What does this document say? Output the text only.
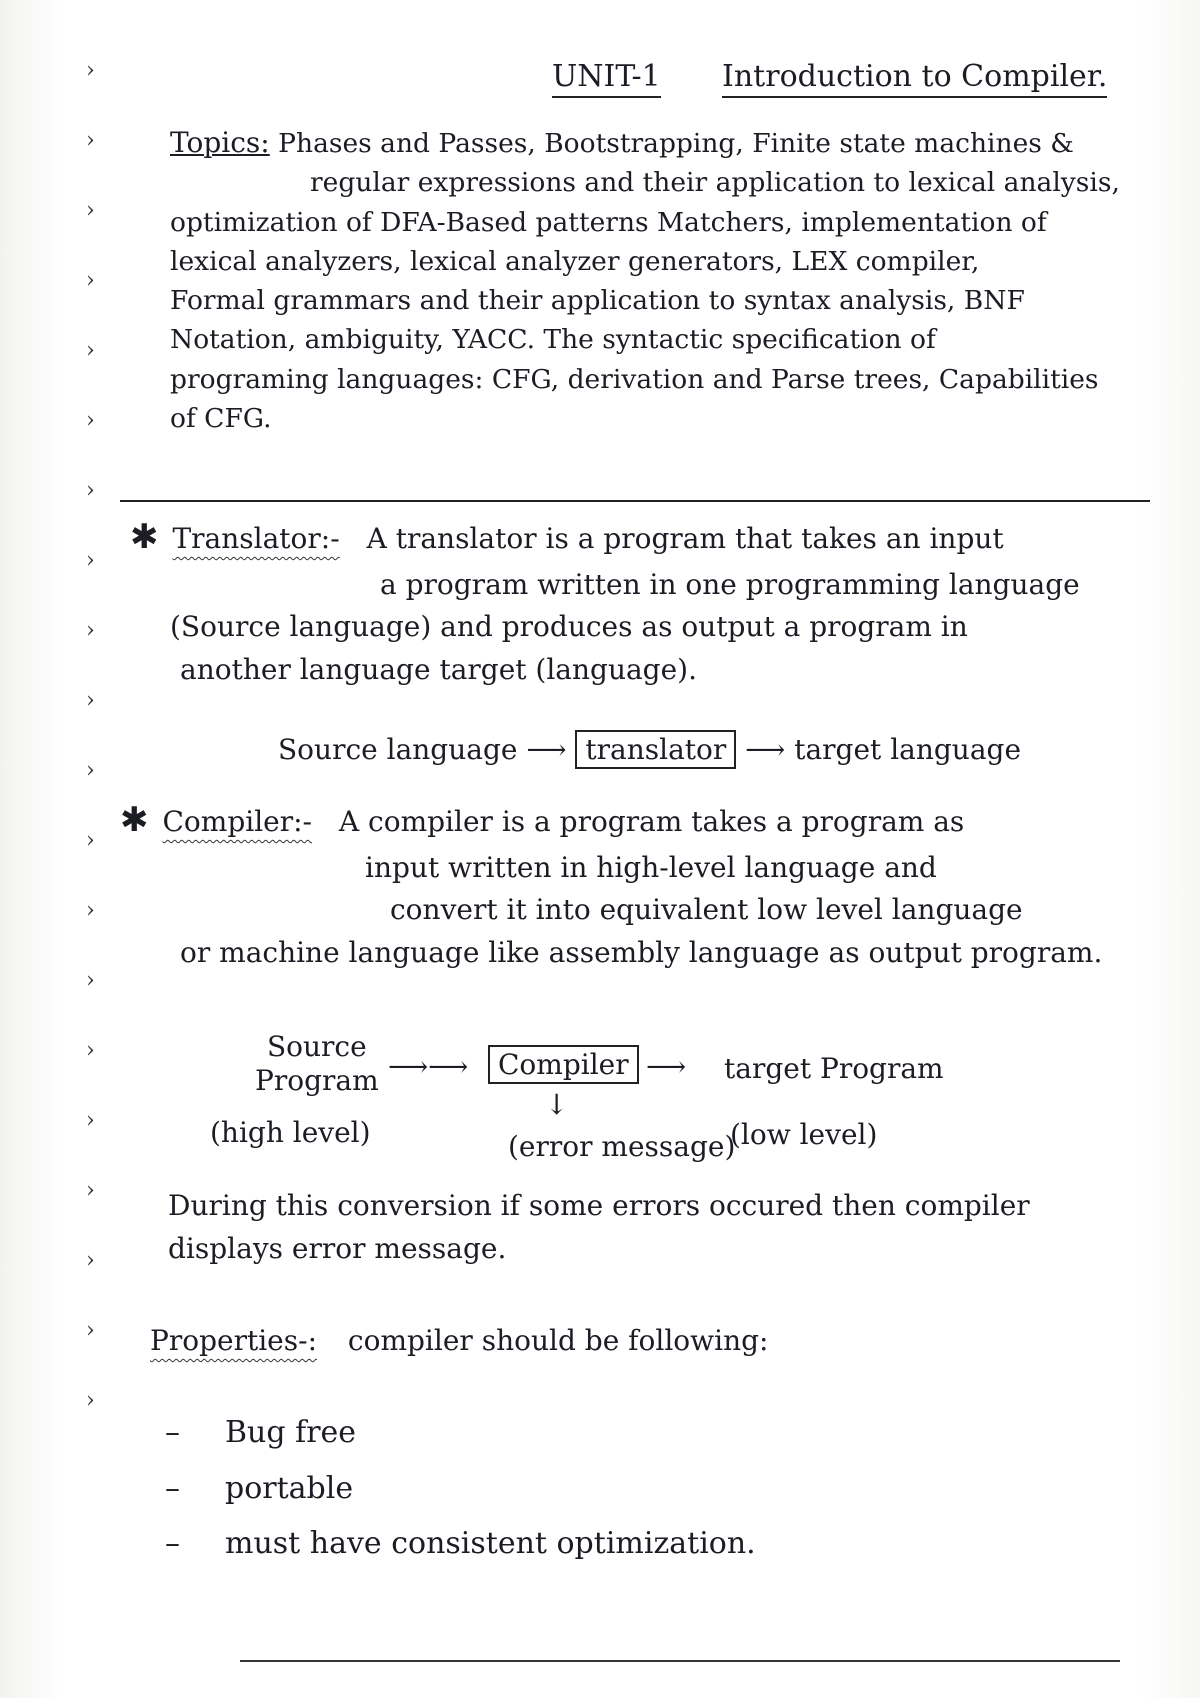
›
›
›
›
›
›
›
›
›
›
›
›
›
›
›
›
›
›
›
›
UNIT-1 Introduction to Compiler.
Topics: Phases and Passes, Bootstrapping, Finite state machines &
regular expressions and their application to lexical analysis,
optimization of DFA-Based patterns Matchers, implementation of
lexical analyzers, lexical analyzer generators, LEX compiler,
Formal grammars and their application to syntax analysis, BNF
Notation, ambiguity, YACC. The syntactic specification of
programing languages: CFG, derivation and Parse trees, Capabilities
of CFG.
✱ Translator:- A translator is a program that takes an input
a program written in one programming language
(Source language) and produces as output a program in
another language target (language).
Source language ⟶ translator ⟶ target language
✱ Compiler:- A compiler is a program takes a program as
input written in high-level language and
convert it into equivalent low level language
or machine language like assembly language as output program.
Source
Program ⟶⟶	Compiler ⟶ target Program
↓
(high level)	(error message)
(low level)
During this conversion if some errors occured then compiler
displays error message.
Properties-: compiler should be following:
– Bug free
– portable
– must have consistent optimization.
